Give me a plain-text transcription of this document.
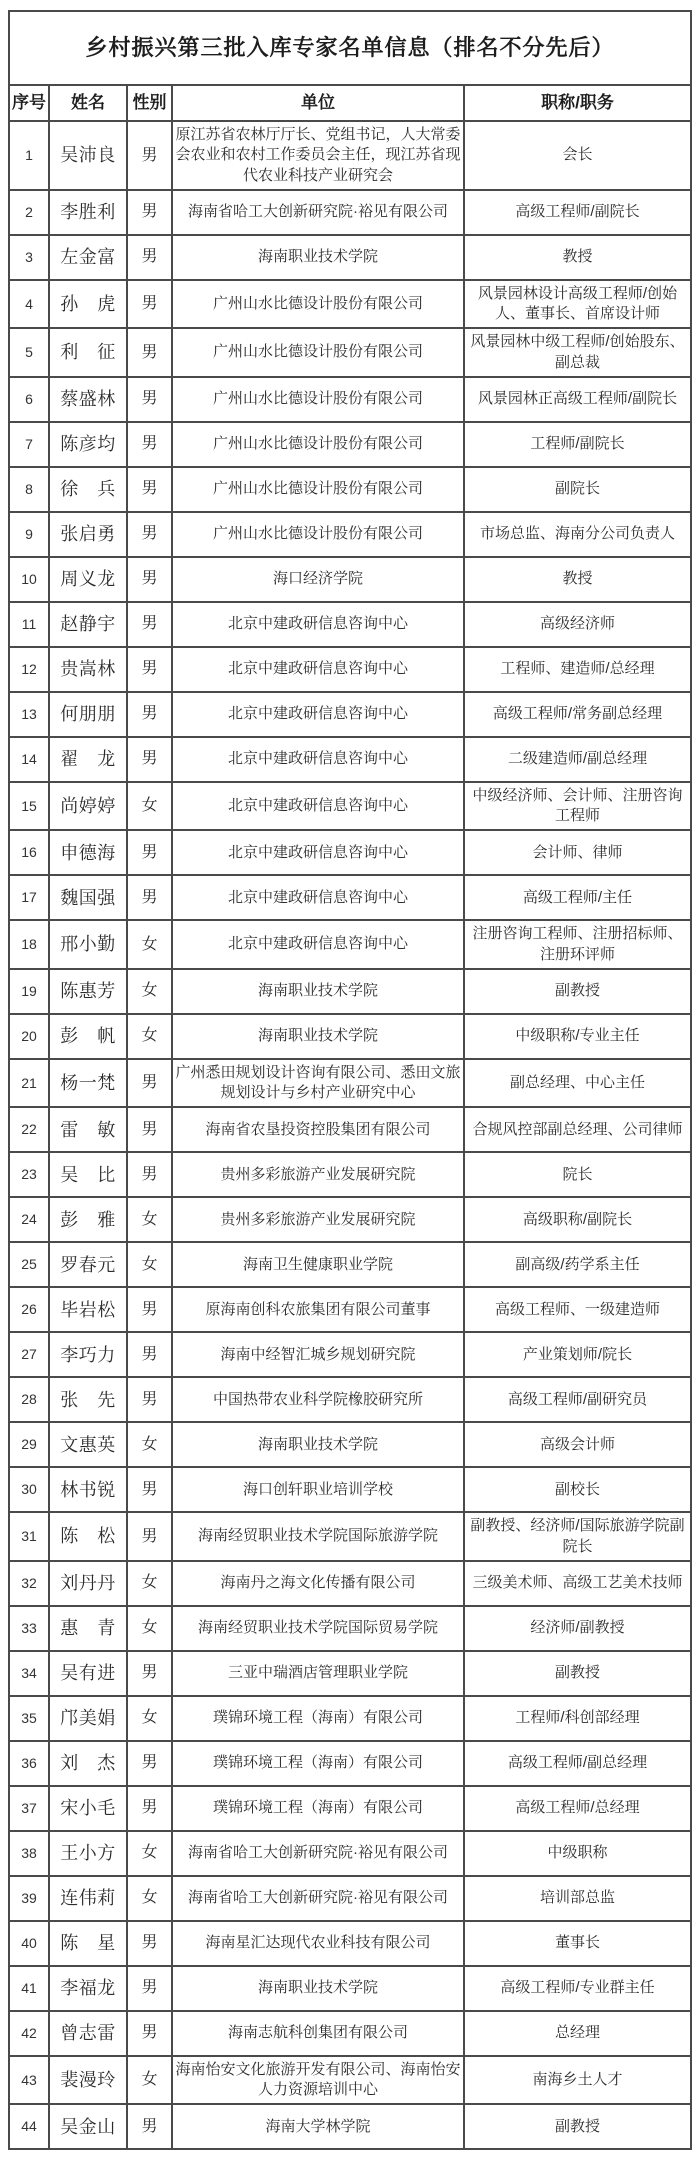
乡村振兴第三批入库专家名单信息（排名不分先后）				
序号	姓名	性别	单位	职称/职务
1	吴沛良	男	原江苏省农林厅厅长、党组书记，人大常委会农业和农村工作委员会主任，现江苏省现代农业科技产业研究会	会长
2	李胜利	男	海南省哈工大创新研究院·裕见有限公司	高级工程师/副院长
3	左金富	男	海南职业技术学院	教授
4	孙　虎	男	广州山水比德设计股份有限公司	风景园林设计高级工程师/创始人、董事长、首席设计师
5	利　征	男	广州山水比德设计股份有限公司	风景园林中级工程师/创始股东、副总裁
6	蔡盛林	男	广州山水比德设计股份有限公司	风景园林正高级工程师/副院长
7	陈彦均	男	广州山水比德设计股份有限公司	工程师/副院长
8	徐　兵	男	广州山水比德设计股份有限公司	副院长
9	张启勇	男	广州山水比德设计股份有限公司	市场总监、海南分公司负责人
10	周义龙	男	海口经济学院	教授
11	赵静宇	男	北京中建政研信息咨询中心	高级经济师
12	贵嵩林	男	北京中建政研信息咨询中心	工程师、建造师/总经理
13	何朋朋	男	北京中建政研信息咨询中心	高级工程师/常务副总经理
14	翟　龙	男	北京中建政研信息咨询中心	二级建造师/副总经理
15	尚婷婷	女	北京中建政研信息咨询中心	中级经济师、会计师、注册咨询工程师
16	申德海	男	北京中建政研信息咨询中心	会计师、律师
17	魏国强	男	北京中建政研信息咨询中心	高级工程师/主任
18	邢小勤	女	北京中建政研信息咨询中心	注册咨询工程师、注册招标师、注册环评师
19	陈惠芳	女	海南职业技术学院	副教授
20	彭　帆	女	海南职业技术学院	中级职称/专业主任
21	杨一梵	男	广州悉田规划设计咨询有限公司、悉田文旅规划设计与乡村产业研究中心	副总经理、中心主任
22	雷　敏	男	海南省农垦投资控股集团有限公司	合规风控部副总经理、公司律师
23	吴　比	男	贵州多彩旅游产业发展研究院	院长
24	彭　雅	女	贵州多彩旅游产业发展研究院	高级职称/副院长
25	罗春元	女	海南卫生健康职业学院	副高级/药学系主任
26	毕岩松	男	原海南创科农旅集团有限公司董事	高级工程师、一级建造师
27	李巧力	男	海南中经智汇城乡规划研究院	产业策划师/院长
28	张　先	男	中国热带农业科学院橡胶研究所	高级工程师/副研究员
29	文惠英	女	海南职业技术学院	高级会计师
30	林书锐	男	海口创轩职业培训学校	副校长
31	陈　松	男	海南经贸职业技术学院国际旅游学院	副教授、经济师/国际旅游学院副院长
32	刘丹丹	女	海南丹之海文化传播有限公司	三级美术师、高级工艺美术技师
33	惠　青	女	海南经贸职业技术学院国际贸易学院	经济师/副教授
34	吴有进	男	三亚中瑞酒店管理职业学院	副教授
35	邝美娟	女	璞锦环境工程（海南）有限公司	工程师/科创部经理
36	刘　杰	男	璞锦环境工程（海南）有限公司	高级工程师/副总经理
37	宋小毛	男	璞锦环境工程（海南）有限公司	高级工程师/总经理
38	王小方	女	海南省哈工大创新研究院·裕见有限公司	中级职称
39	连伟莉	女	海南省哈工大创新研究院·裕见有限公司	培训部总监
40	陈　星	男	海南星汇达现代农业科技有限公司	董事长
41	李福龙	男	海南职业技术学院	高级工程师/专业群主任
42	曾志雷	男	海南志航科创集团有限公司	总经理
43	裴漫玲	女	海南怡安文化旅游开发有限公司、海南怡安人力资源培训中心	南海乡土人才
44	吴金山	男	海南大学林学院	副教授
